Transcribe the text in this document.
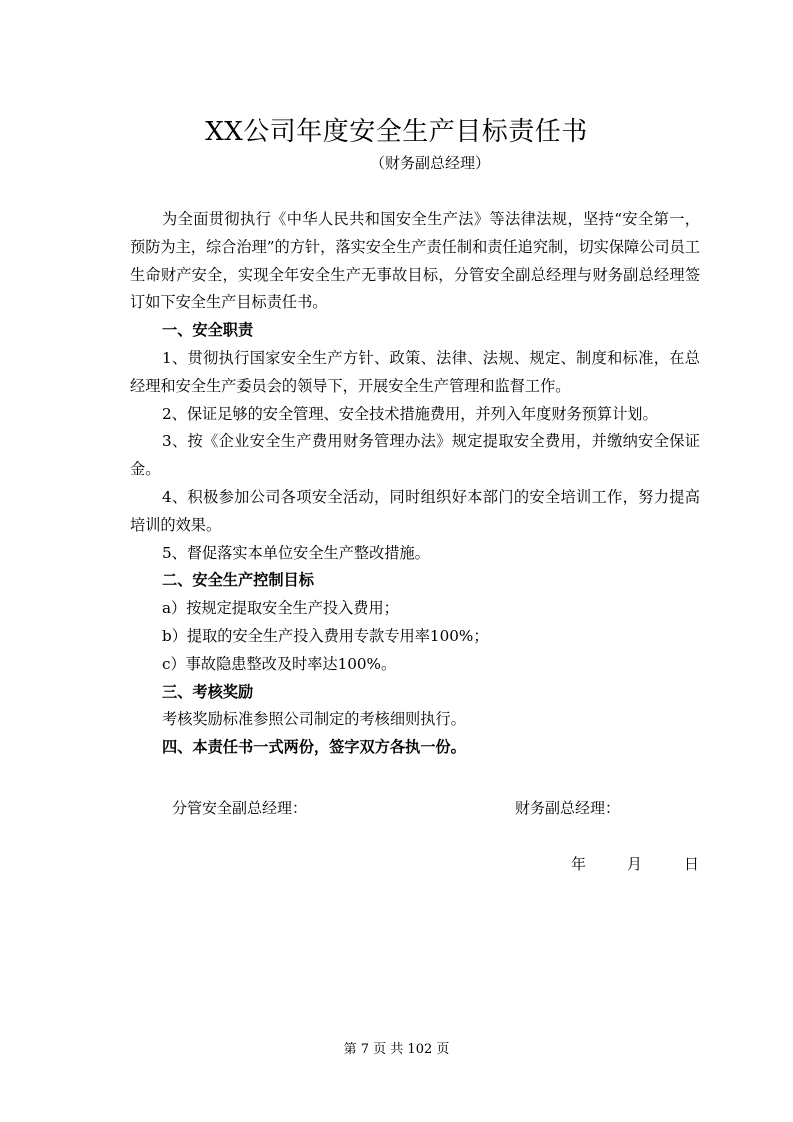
XX公司年度安全生产目标责任书
（财务副总经理）

为全面贯彻执行《中华人民共和国安全生产法》等法律法规，坚持“安全第一，预防为主，综合治理”的方针，落实安全生产责任制和责任追究制，切实保障公司员工生命财产安全，实现全年安全生产无事故目标，分管安全副总经理与财务副总经理签订如下安全生产目标责任书。

一、安全职责

1、贯彻执行国家安全生产方针、政策、法律、法规、规定、制度和标准，在总经理和安全生产委员会的领导下，开展安全生产管理和监督工作。

2、保证足够的安全管理、安全技术措施费用，并列入年度财务预算计划。

3、按《企业安全生产费用财务管理办法》规定提取安全费用，并缴纳安全保证金。

4、积极参加公司各项安全活动，同时组织好本部门的安全培训工作，努力提高培训的效果。

5、督促落实本单位安全生产整改措施。

二、安全生产控制目标

a）按规定提取安全生产投入费用；

b）提取的安全生产投入费用专款专用率100%；

c）事故隐患整改及时率达100%。

三、考核奖励

考核奖励标准参照公司制定的考核细则执行。

四、本责任书一式两份，签字双方各执一份。

分管安全副总经理：	财务副总经理：
年	月	日
第 7 页 共 102 页
